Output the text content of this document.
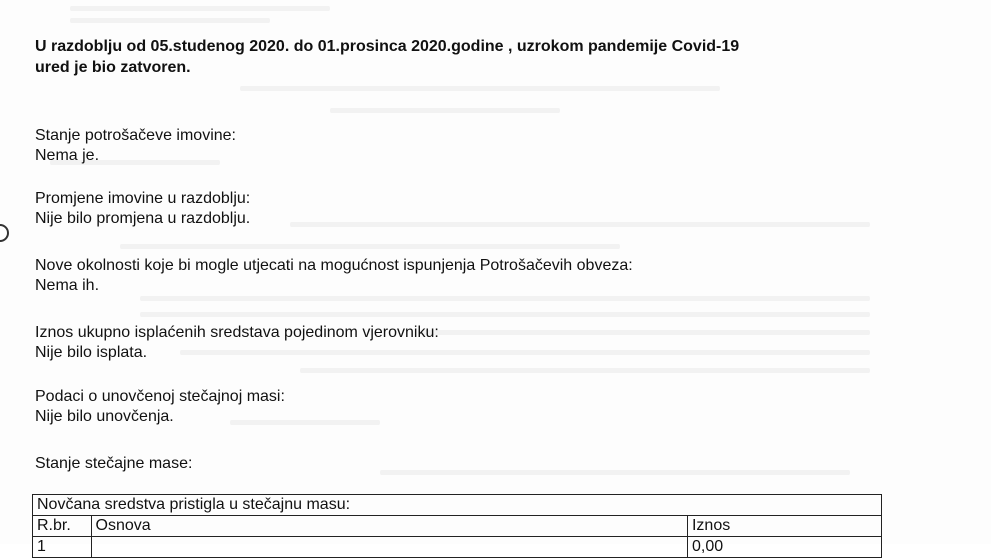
U razdoblju od 05.studenog 2020. do 01.prosinca 2020.godine , uzrokom pandemije Covid-19
ured je bio zatvoren.
Stanje potrošačeve imovine:
Nema je.
Promjene imovine u razdoblju:
Nije bilo promjena u razdoblju.
Nove okolnosti koje bi mogle utjecati na mogućnost ispunjenja Potrošačevih obveza:
Nema ih.
Iznos ukupno isplaćenih sredstava pojedinom vjerovniku:
Nije bilo isplata.
Podaci o unovčenoj stečajnoj masi:
Nije bilo unovčenja.
Stanje stečajne mase:
Novčana sredstva pristigla u stečajnu masu:		
R.br.	Osnova	Iznos
1		0,00
